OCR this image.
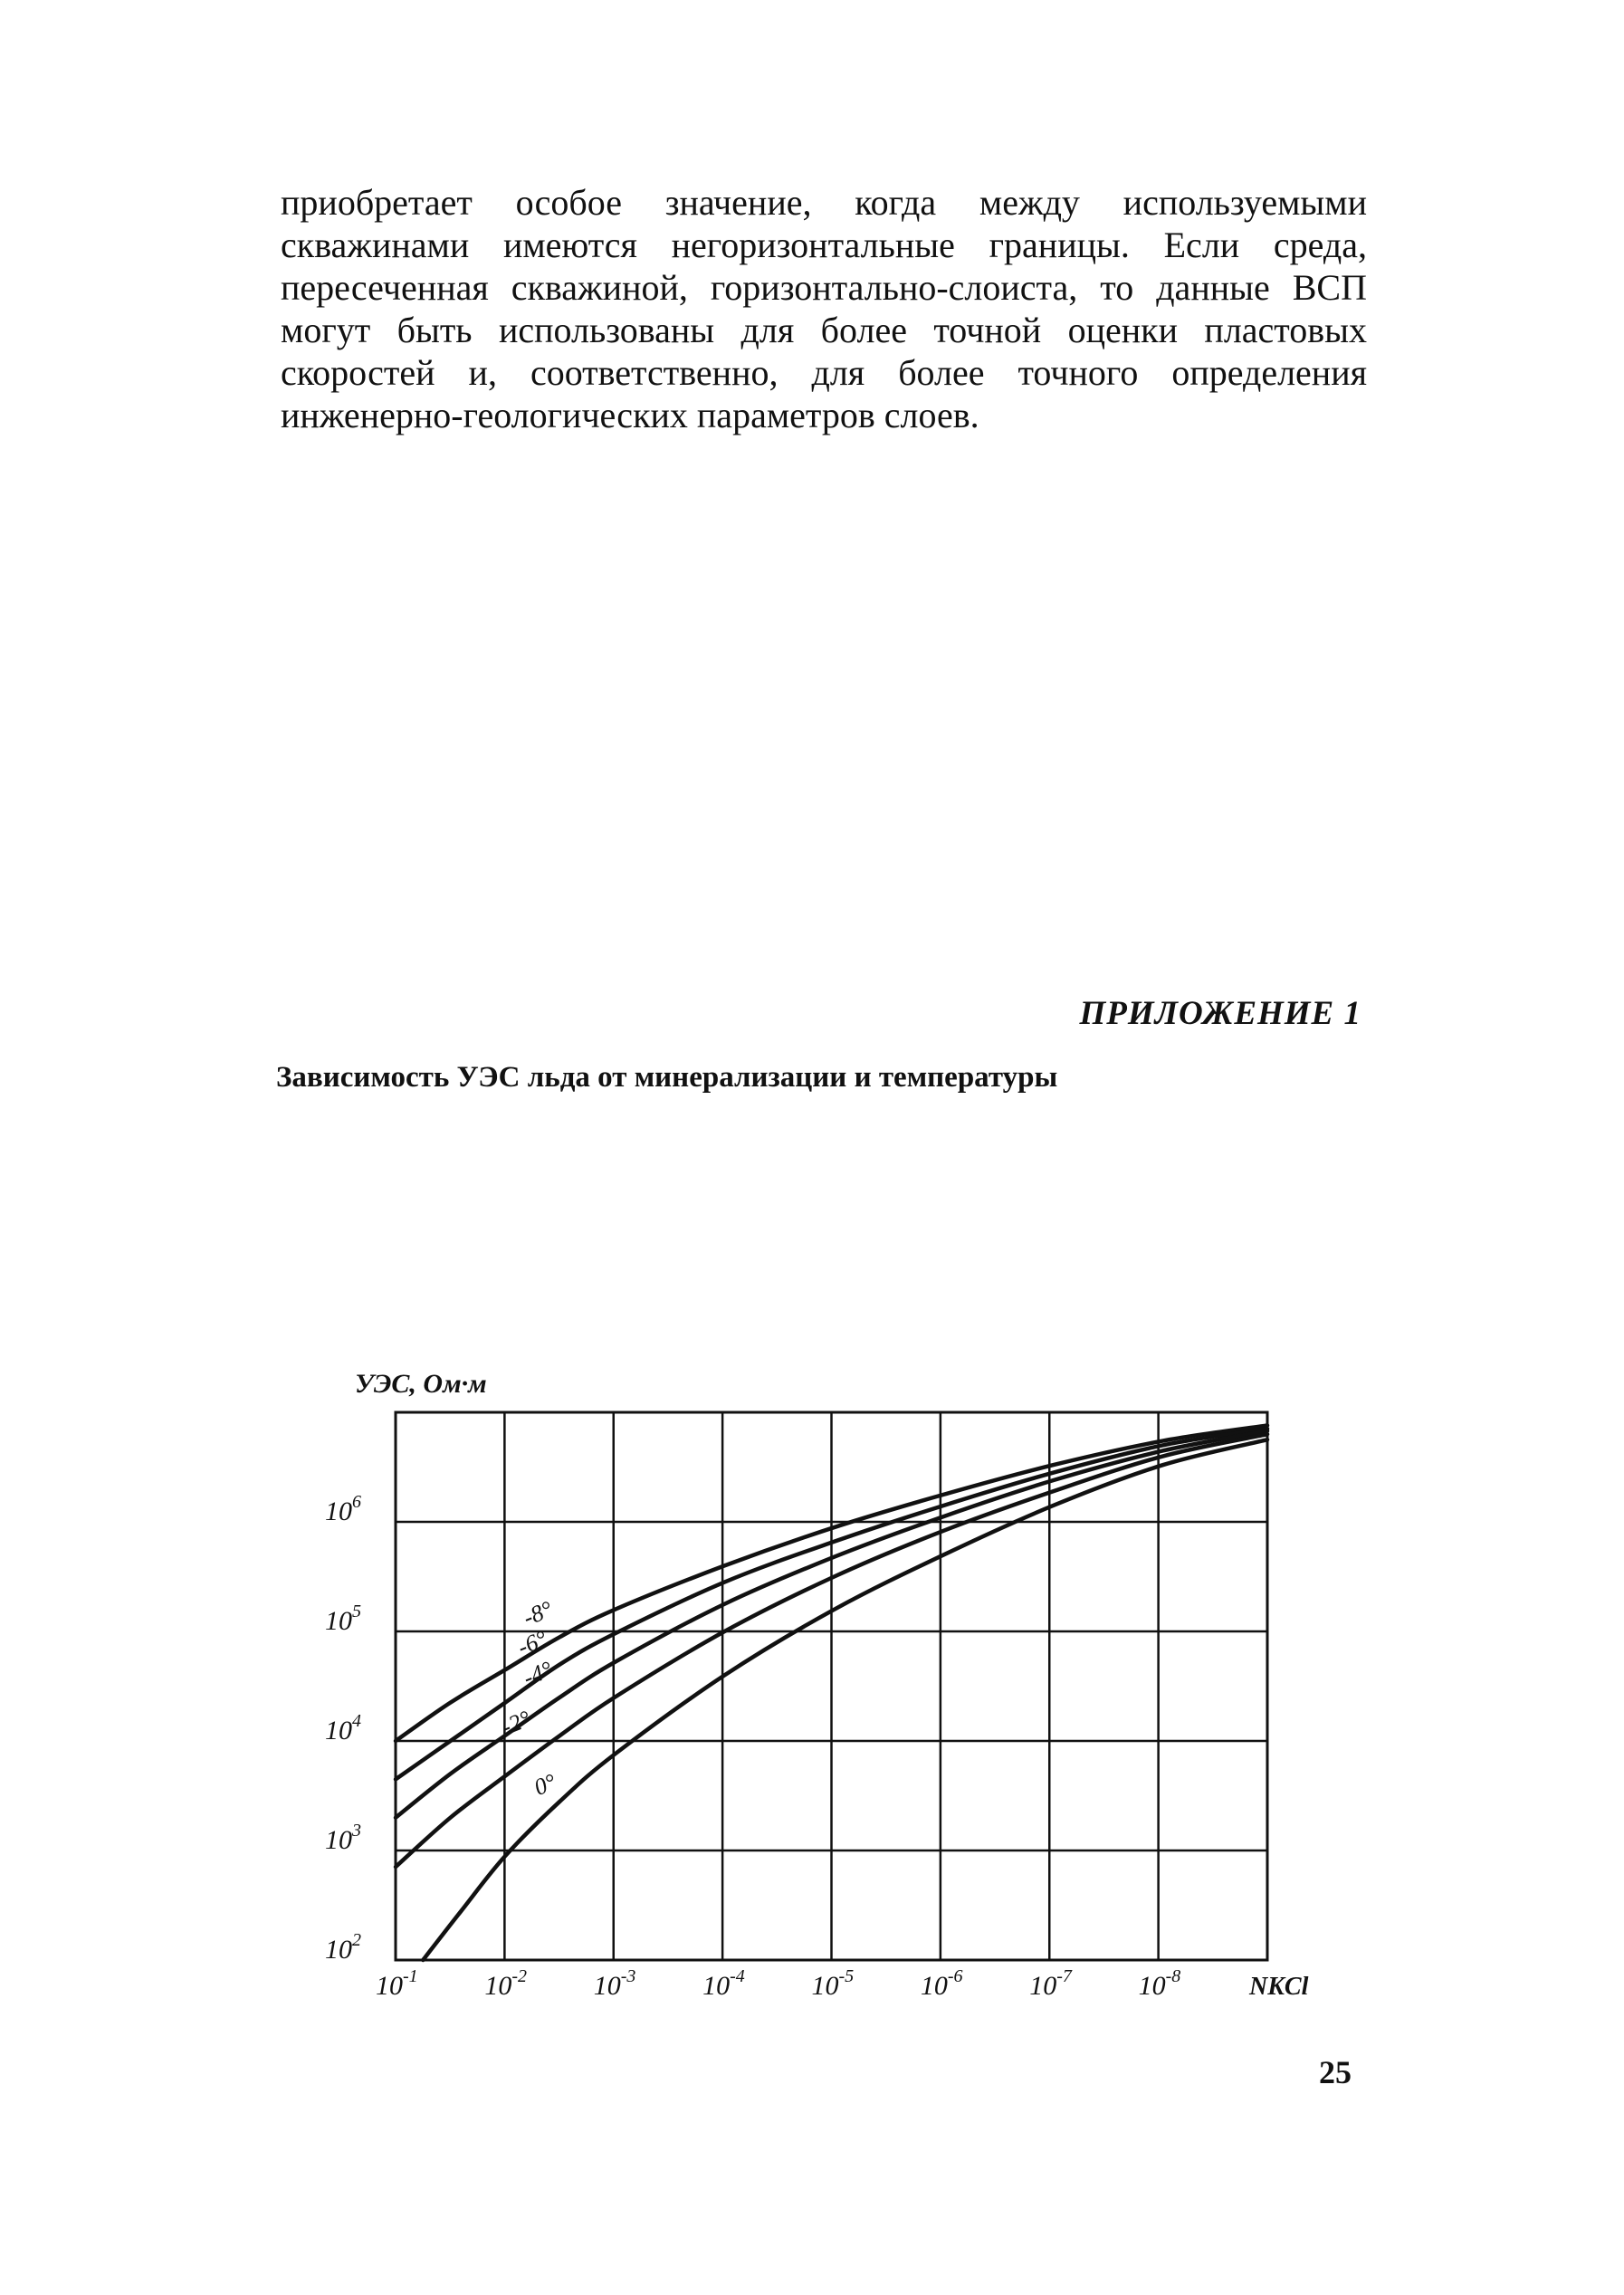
приобретает особое значение, когда между используемыми скважинами имеются негоризонтальные границы. Если среда, пересеченная скважиной, горизонтально-слоиста, то данные ВСП могут быть использованы для более точной оценки пластовых скоростей и, соответственно, для более точного определения инженерно-геологических параметров слоев.

ПРИЛОЖЕНИЕ 1
Зависимость УЭС льда от минерализации и температуры
$10^2$
$10^3$
$10^4$
$10^5$
$10^6$
$10^{-1}$ $10^{-2}$ $10^{-3}$ $10^{-4}$ $10^{-5}$ $10^{-6}$ $10^{-7}$ $10^{-8}$
УЭС, Ом·м
NKCl
-8°
-6°
-4°
-2°
0°
25
